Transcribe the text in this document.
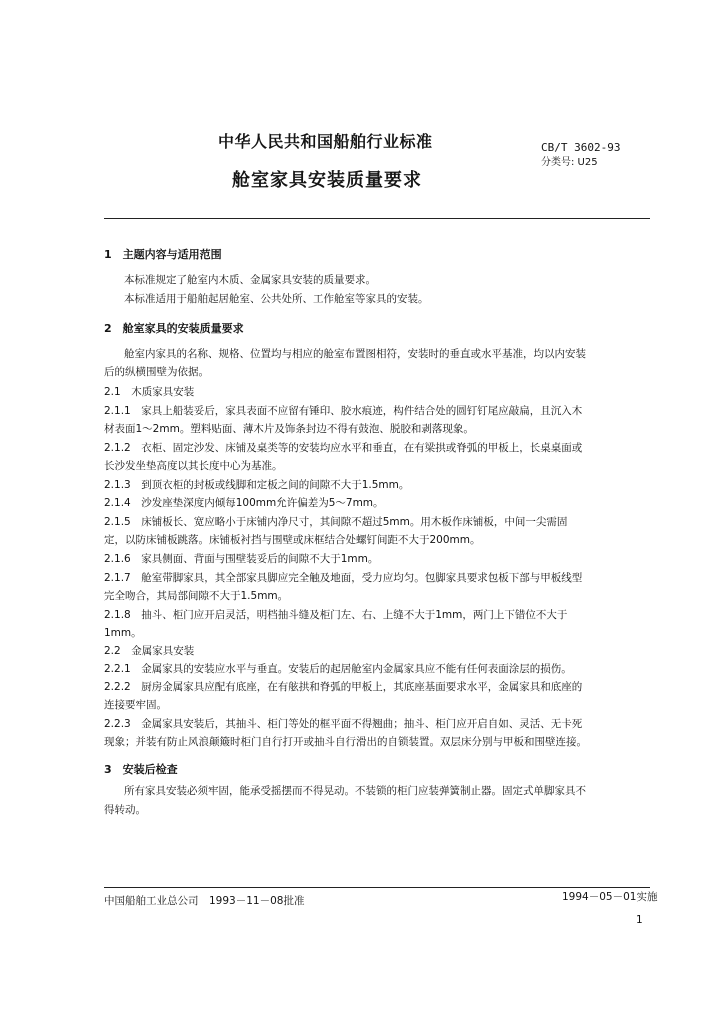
中华人民共和国船舶行业标准
舱室家具安装质量要求
CB/T 3602-93
分类号: U25
1　主题内容与适用范围
本标准规定了舱室内木质、金属家具安装的质量要求。
本标准适用于船舶起居舱室、公共处所、工作舱室等家具的安装。
2　舱室家具的安装质量要求
舱室内家具的名称、规格、位置均与相应的舱室布置图相符，安装时的垂直或水平基准，均以内安装
后的纵横围壁为依据。
2.1　木质家具安装
2.1.1　家具上船装妥后，家具表面不应留有锤印、胶水痕迹，构件结合处的圆钉钉尾应敲扁，且沉入木
材表面1～2mm。塑料贴面、薄木片及饰条封边不得有鼓泡、脱胶和剥落现象。
2.1.2　衣柜、固定沙发、床铺及桌类等的安装均应水平和垂直，在有梁拱或脊弧的甲板上，长桌桌面或
长沙发坐垫高度以其长度中心为基准。
2.1.3　到顶衣柜的封板或线脚和定板之间的间隙不大于1.5mm。
2.1.4　沙发座垫深度内倾每100mm允许偏差为5～7mm。
2.1.5　床铺板长、宽应略小于床铺内净尺寸，其间隙不超过5mm。用木板作床铺板，中间一尖需固
定，以防床铺板跳落。床铺板衬挡与围壁或床框结合处螺钉间距不大于200mm。
2.1.6　家具侧面、背面与围壁装妥后的间隙不大于1mm。
2.1.7　舱室带脚家具，其全部家具脚应完全触及地面，受力应均匀。包脚家具要求包板下部与甲板线型
完全吻合，其局部间隙不大于1.5mm。
2.1.8　抽斗、柜门应开启灵活，明档抽斗缝及柜门左、右、上缝不大于1mm，两门上下错位不大于
1mm。
2.2　金属家具安装
2.2.1　金属家具的安装应水平与垂直。安装后的起居舱室内金属家具应不能有任何表面涂层的损伤。
2.2.2　厨房金属家具应配有底座，在有舷拱和脊弧的甲板上，其底座基面要求水平，金属家具和底座的
连接要牢固。
2.2.3　金属家具安装后，其抽斗、柜门等处的框平面不得翘曲；抽斗、柜门应开启自如、灵活、无卡死
现象；并装有防止风浪颠簸时柜门自行打开或抽斗自行滑出的自锁装置。双层床分别与甲板和围壁连接。
3　安装后检查
所有家具安装必须牢固，能承受摇摆而不得晃动。不装锁的柜门应装弹簧制止器。固定式单脚家具不
得转动。
中国船舶工业总公司　1993－11－08批准	1994－05－01实施
1
